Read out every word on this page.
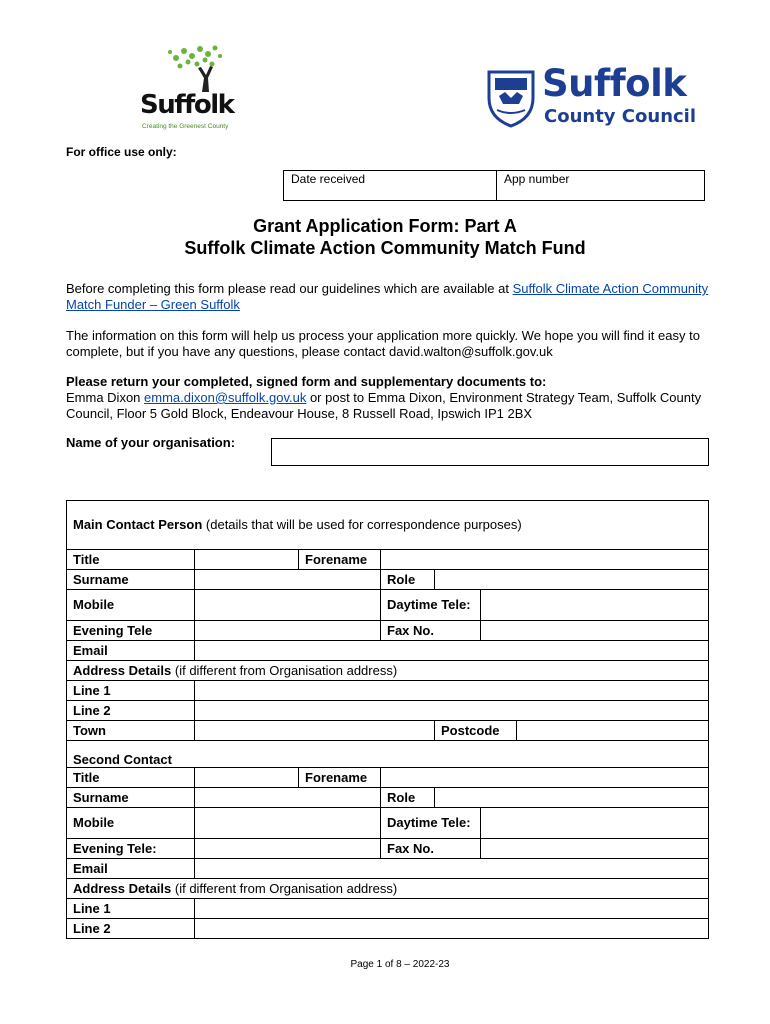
Suffolk
Creating the Greenest County
Suffolk
County Council
For office use only:
Date received	App number
Grant Application Form: Part A
Suffolk Climate Action Community Match Fund
Before completing this form please read our guidelines which are available at Suffolk Climate Action Community Match Funder – Green Suffolk
The information on this form will help us process your application more quickly. We hope you will find it easy to complete, but if you have any questions, please contact david.walton@suffolk.gov.uk
Please return your completed, signed form and supplementary documents to:
Emma Dixon emma.dixon@suffolk.gov.uk or post to Emma Dixon, Environment Strategy Team, Suffolk County Council, Floor 5 Gold Block, Endeavour House, 8 Russell Road, Ipswich IP1 2BX
Name of your organisation:
Main Contact Person (details that will be used for correspondence purposes)						
Title		Forename				
Surname			Role			
Mobile			Daytime Tele:			
Evening Tele			Fax No.			
Email						
Address Details (if different from Organisation address)						
Line 1						
Line 2						
Town				Postcode		
Second Contact						
Title		Forename				
Surname			Role			
Mobile			Daytime Tele:			
Evening Tele:			Fax No.			
Email						
Address Details (if different from Organisation address)						
Line 1						
Line 2						
Page 1 of 8 – 2022-23
